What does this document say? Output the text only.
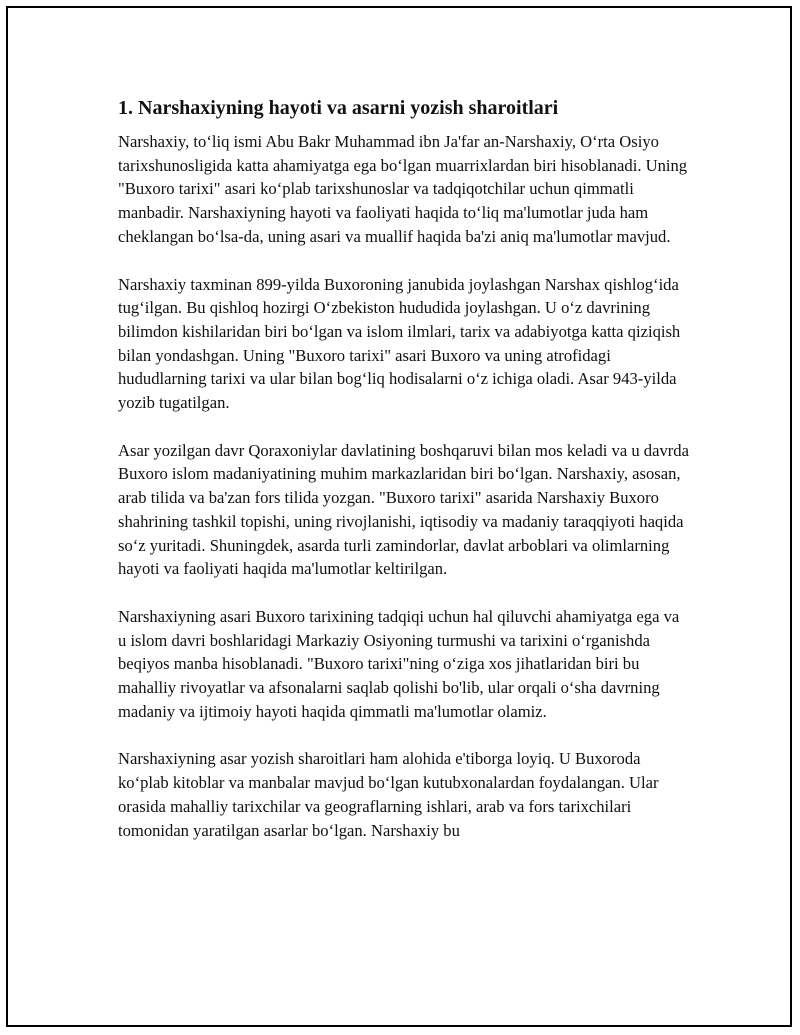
1. Narshaxiyning hayoti va asarni yozish sharoitlari

Narshaxiy, to‘liq ismi Abu Bakr Muhammad ibn Ja'far an-Narshaxiy, O‘rta Osiyo tarixshunosligida katta ahamiyatga ega bo‘lgan muarrixlardan biri hisoblanadi. Uning "Buxoro tarixi" asari ko‘plab tarixshunoslar va tadqiqotchilar uchun qimmatli manbadir. Narshaxiyning hayoti va faoliyati haqida to‘liq ma'lumotlar juda ham cheklangan bo‘lsa-da, uning asari va muallif haqida ba'zi aniq ma'lumotlar mavjud.

Narshaxiy taxminan 899-yilda Buxoroning janubida joylashgan Narshax qishlog‘ida tug‘ilgan. Bu qishloq hozirgi O‘zbekiston hududida joylashgan. U o‘z davrining bilimdon kishilaridan biri bo‘lgan va islom ilmlari, tarix va adabiyotga katta qiziqish bilan yondashgan. Uning "Buxoro tarixi" asari Buxoro va uning atrofidagi hududlarning tarixi va ular bilan bog‘liq hodisalarni o‘z ichiga oladi. Asar 943-yilda yozib tugatilgan.

Asar yozilgan davr Qoraxoniylar davlatining boshqaruvi bilan mos keladi va u davrda Buxoro islom madaniyatining muhim markazlaridan biri bo‘lgan. Narshaxiy, asosan, arab tilida va ba'zan fors tilida yozgan. "Buxoro tarixi" asarida Narshaxiy Buxoro shahrining tashkil topishi, uning rivojlanishi, iqtisodiy va madaniy taraqqiyoti haqida so‘z yuritadi. Shuningdek, asarda turli zamindorlar, davlat arboblari va olimlarning hayoti va faoliyati haqida ma'lumotlar keltirilgan.

Narshaxiyning asari Buxoro tarixining tadqiqi uchun hal qiluvchi ahamiyatga ega va u islom davri boshlaridagi Markaziy Osiyoning turmushi va tarixini o‘rganishda beqiyos manba hisoblanadi. "Buxoro tarixi"ning o‘ziga xos jihatlaridan biri bu mahalliy rivoyatlar va afsonalarni saqlab qolishi bo'lib, ular orqali o‘sha davrning madaniy va ijtimoiy hayoti haqida qimmatli ma'lumotlar olamiz.

Narshaxiyning asar yozish sharoitlari ham alohida e'tiborga loyiq. U Buxoroda ko‘plab kitoblar va manbalar mavjud bo‘lgan kutubxonalardan foydalangan. Ular orasida mahalliy tarixchilar va geograflarning ishlari, arab va fors tarixchilari tomonidan yaratilgan asarlar bo‘lgan. Narshaxiy bu
